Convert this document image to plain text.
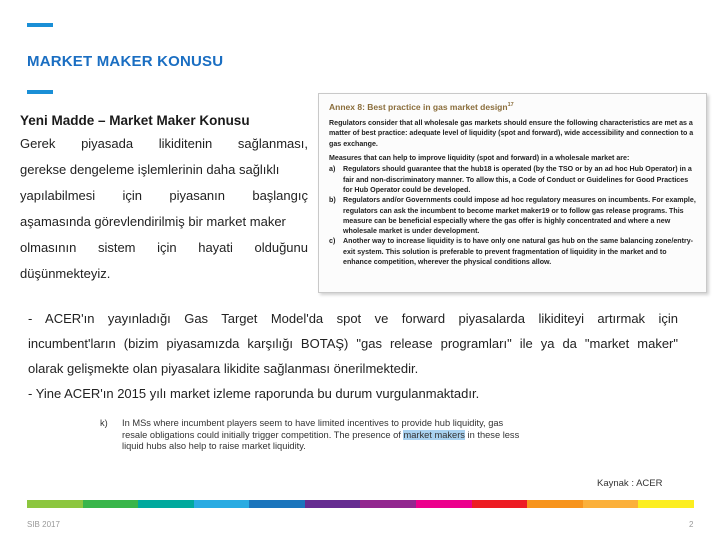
MARKET MAKER KONUSU
Yeni Madde – Market Maker Konusu
Gerek piyasada likiditenin sağlanması,
gerekse dengeleme işlemlerinin daha sağlıklı
yapılabilmesi için piyasanın başlangıç
aşamasında görevlendirilmiş bir market maker
olmasının sistem için hayati olduğunu
düşünmekteyiz.
Annex 8: Best practice in gas market design$^{17}$

Regulators consider that all wholesale gas markets should ensure the following characteristics are met as a matter of best practice: adequate level of liquidity (spot and forward), wide accessibility and connection to a gas exchange.

Measures that can help to improve liquidity (spot and forward) in a wholesale market are:

a)	Regulators should guarantee that the hub18 is operated (by the TSO or by an ad hoc Hub Operator) in a fair and non-discriminatory manner. To allow this, a Code of Conduct or Guidelines for Good Practices for Hub Operator could be developed.
b)	Regulators and/or Governments could impose ad hoc regulatory measures on incumbents. For example, regulators can ask the incumbent to become market maker19 or to follow gas release programs. This measure can be beneficial especially where the gas offer is highly concentrated and where a new wholesale market is under development.
c)	Another way to increase liquidity is to have only one natural gas hub on the same balancing zone/entry-exit system. This solution is preferable to prevent fragmentation of liquidity in the market and to enhance competition, wherever the physical conditions allow.
- ACER'ın yayınladığı Gas Target Model'da spot ve forward piyasalarda likiditeyi artırmak için
incumbent'ların (bizim piyasamızda karşılığı BOTAŞ) "gas release programları" ile ya da "market maker"
olarak gelişmekte olan piyasalara likidite sağlanması önerilmektedir.
- Yine ACER'ın 2015 yılı market izleme raporunda bu durum vurgulanmaktadır.
k)	In MSs where incumbent players seem to have limited incentives to provide hub liquidity, gas resale obligations could initially trigger competition. The presence of market makers in these less liquid hubs also help to raise market liquidity.
Kaynak : ACER
SIB 2017	2
